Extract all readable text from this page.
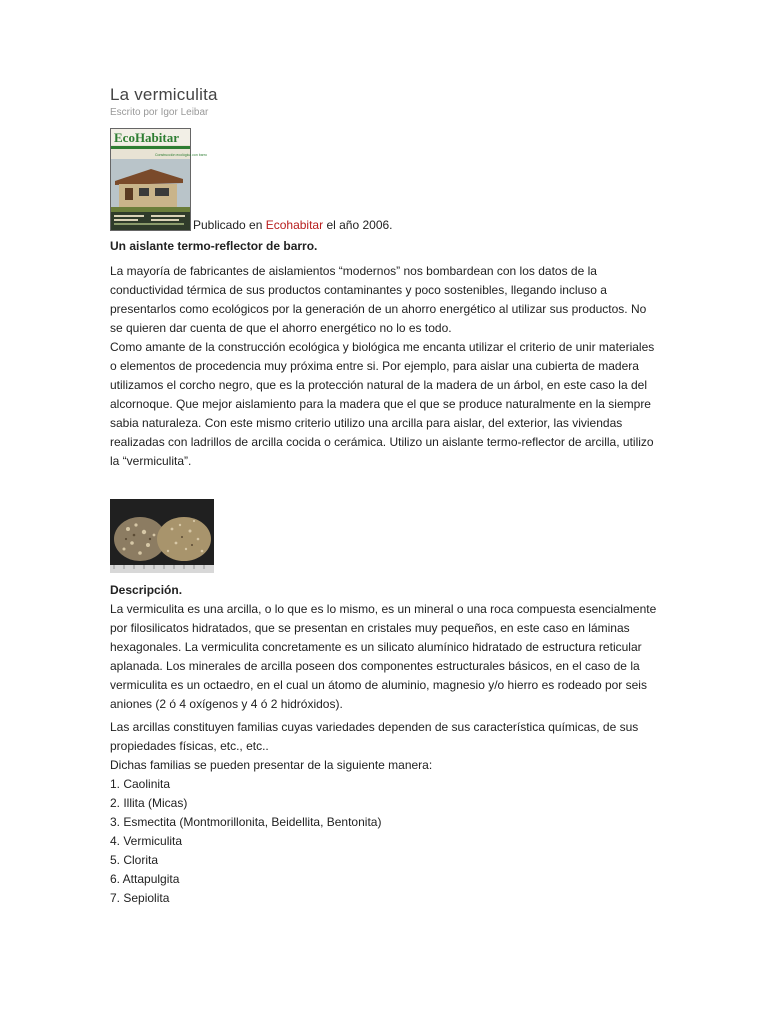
La vermiculita
Escrito por Igor Leibar
EcoHabitar
Construcción ecológica con barro
Publicado en Ecohabitar el año 2006.

Un aislante termo-reflector de barro.

La mayoría de fabricantes de aislamientos “modernos” nos bombardean con los datos de la conductividad térmica de sus productos contaminantes y poco sostenibles, llegando incluso a presentarlos como ecológicos por la generación de un ahorro energético al utilizar sus productos. No se quieren dar cuenta de que el ahorro energético no lo es todo.

Como amante de la construcción ecológica y biológica me encanta utilizar el criterio de unir materiales o elementos de procedencia muy próxima entre si. Por ejemplo, para aislar una cubierta de madera utilizamos el corcho negro, que es la protección natural de la madera de un árbol, en este caso la del alcornoque. Que mejor aislamiento para la madera que el que se produce naturalmente en la siempre sabia naturaleza. Con este mismo criterio utilizo una arcilla para aislar, del exterior, las viviendas realizadas con ladrillos de arcilla cocida o cerámica. Utilizo un aislante termo-reflector de arcilla, utilizo la “vermiculita”.

Descripción.

La vermiculita es una arcilla, o lo que es lo mismo, es un mineral o una roca compuesta esencialmente por filosilicatos hidratados, que se presentan en cristales muy pequeños, en este caso en láminas hexagonales. La vermiculita concretamente es un silicato alumínico hidratado de estructura reticular aplanada. Los minerales de arcilla poseen dos componentes estructurales básicos, en el caso de la vermiculita es un octaedro, en el cual un átomo de aluminio, magnesio y/o hierro es rodeado por seis aniones (2 ó 4 oxígenos y 4 ó 2 hidróxidos).

Las arcillas constituyen familias cuyas variedades dependen de sus característica químicas, de sus propiedades físicas, etc., etc..

Dichas familias se pueden presentar de la siguiente manera:

1. Caolinita
2. Illita (Micas)
3. Esmectita (Montmorillonita, Beidellita, Bentonita)
4. Vermiculita
5. Clorita
6. Attapulgita
7. Sepiolita
